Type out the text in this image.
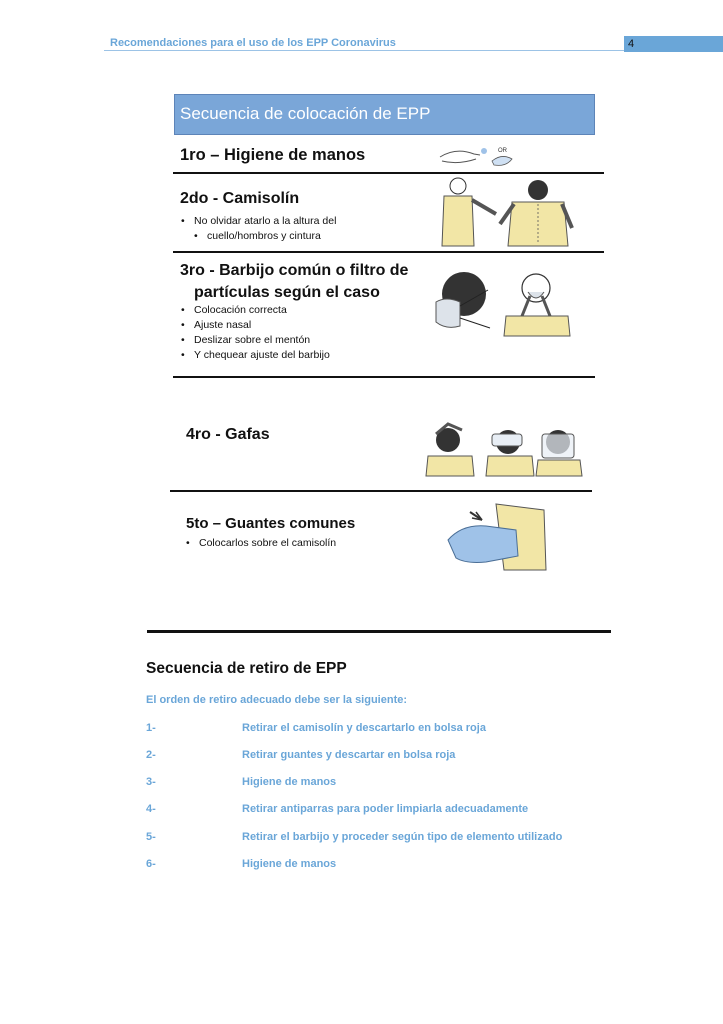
Recomendaciones para el uso de los EPP Coronavirus	4
Secuencia de colocación de EPP
1ro – Higiene de manos	OR
2do - Camisolín
• No olvidar atarlo a la altura del
• cuello/hombros y cintura
3ro - Barbijo común o filtro de
partículas según el caso
• Colocación correcta
• Ajuste nasal
• Deslizar sobre el mentón
• Y chequear ajuste del barbijo
4ro - Gafas
5to – Guantes comunes
• Colocarlos sobre el camisolín
Secuencia de retiro de EPP
El orden de retiro adecuado debe ser la siguiente:
1-	Retirar el camisolín y descartarlo en bolsa roja
2-	Retirar guantes y descartar en bolsa roja
3-	Higiene de manos
4-	Retirar antiparras para poder limpiarla adecuadamente
5-	Retirar el barbijo y proceder según tipo de elemento utilizado
6-	Higiene de manos
